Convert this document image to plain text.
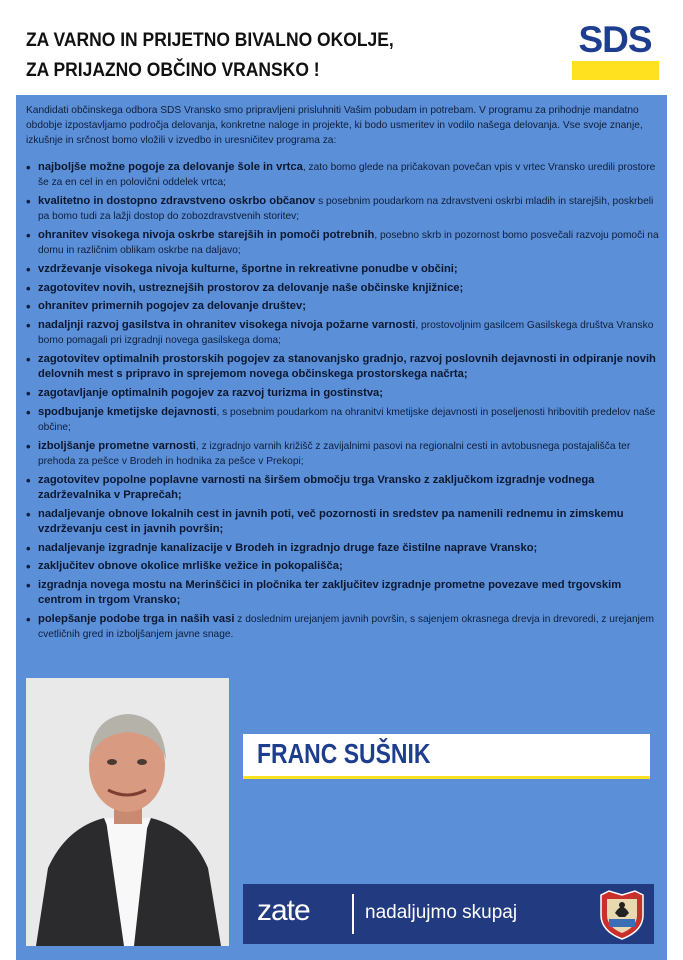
ZA VARNO IN PRIJETNO BIVALNO OKOLJE,
ZA PRIJAZNO OBČINO VRANSKO !
SDS
Kandidati občinskega odbora SDS Vransko smo pripravljeni prisluhniti Vašim pobudam in potrebam. V programu za prihodnje mandatno obdobje izpostavljamo področja delovanja, konkretne naloge in projekte, ki bodo usmeritev in vodilo našega delovanja. Vse svoje znanje, izkušnje in srčnost bomo vložili v izvedbo in uresničitev programa za:
• najboljše možne pogoje za delovanje šole in vrtca, zato bomo glede na pričakovan povečan vpis v vrtec Vransko uredili prostore še za en cel in en polovični oddelek vrtca;
• kvalitetno in dostopno zdravstveno oskrbo občanov s posebnim poudarkom na zdravstveni oskrbi mladih in starejših, poskrbeli pa bomo tudi za lažji dostop do zobozdravstvenih storitev;
• ohranitev visokega nivoja oskrbe starejših in pomoči potrebnih, posebno skrb in pozornost bomo posvečali razvoju pomoči na domu in različnim oblikam oskrbe na daljavo;
• vzdrževanje visokega nivoja kulturne, športne in rekreativne ponudbe v občini;
• zagotovitev novih, ustreznejših prostorov za delovanje naše občinske knjižnice;
• ohranitev primernih pogojev za delovanje društev;
• nadaljnji razvoj gasilstva in ohranitev visokega nivoja požarne varnosti, prostovoljnim gasilcem Gasilskega društva Vransko bomo pomagali pri izgradnji novega gasilskega doma;
• zagotovitev optimalnih prostorskih pogojev za stanovanjsko gradnjo, razvoj poslovnih dejavnosti in odpiranje novih delovnih mest s pripravo in sprejemom novega občinskega prostorskega načrta;
• zagotavljanje optimalnih pogojev za razvoj turizma in gostinstva;
• spodbujanje kmetijske dejavnosti, s posebnim poudarkom na ohranitvi kmetijske dejavnosti in poseljenosti hribovitih predelov naše občine;
• izboljšanje prometne varnosti, z izgradnjo varnih križišč z zavijalnimi pasovi na regionalni cesti in avtobusnega postajališča ter prehoda za pešce v Brodeh in hodnika za pešce v Prekopi;
• zagotovitev popolne poplavne varnosti na širšem območju trga Vransko z zaključkom izgradnje vodnega zadrževalnika v Praprečah;
• nadaljevanje obnove lokalnih cest in javnih poti, več pozornosti in sredstev pa namenili rednemu in zimskemu vzdrževanju cest in javnih površin;
• nadaljevanje izgradnje kanalizacije v Brodeh in izgradnjo druge faze čistilne naprave Vransko;
• zaključitev obnove okolice mrliške vežice in pokopališča;
• izgradnja novega mostu na Merinščici in pločnika ter zaključitev izgradnje prometne povezave med trgovskim centrom in trgom Vransko;
• polepšanje podobe trga in naših vasi z doslednim urejanjem javnih površin, s sajenjem okrasnega drevja in drevoredi, z urejanjem cvetličnih gred in izboljšanjem javne snage.
FRANC SUŠNIK
zate	nadaljujmo skupaj
